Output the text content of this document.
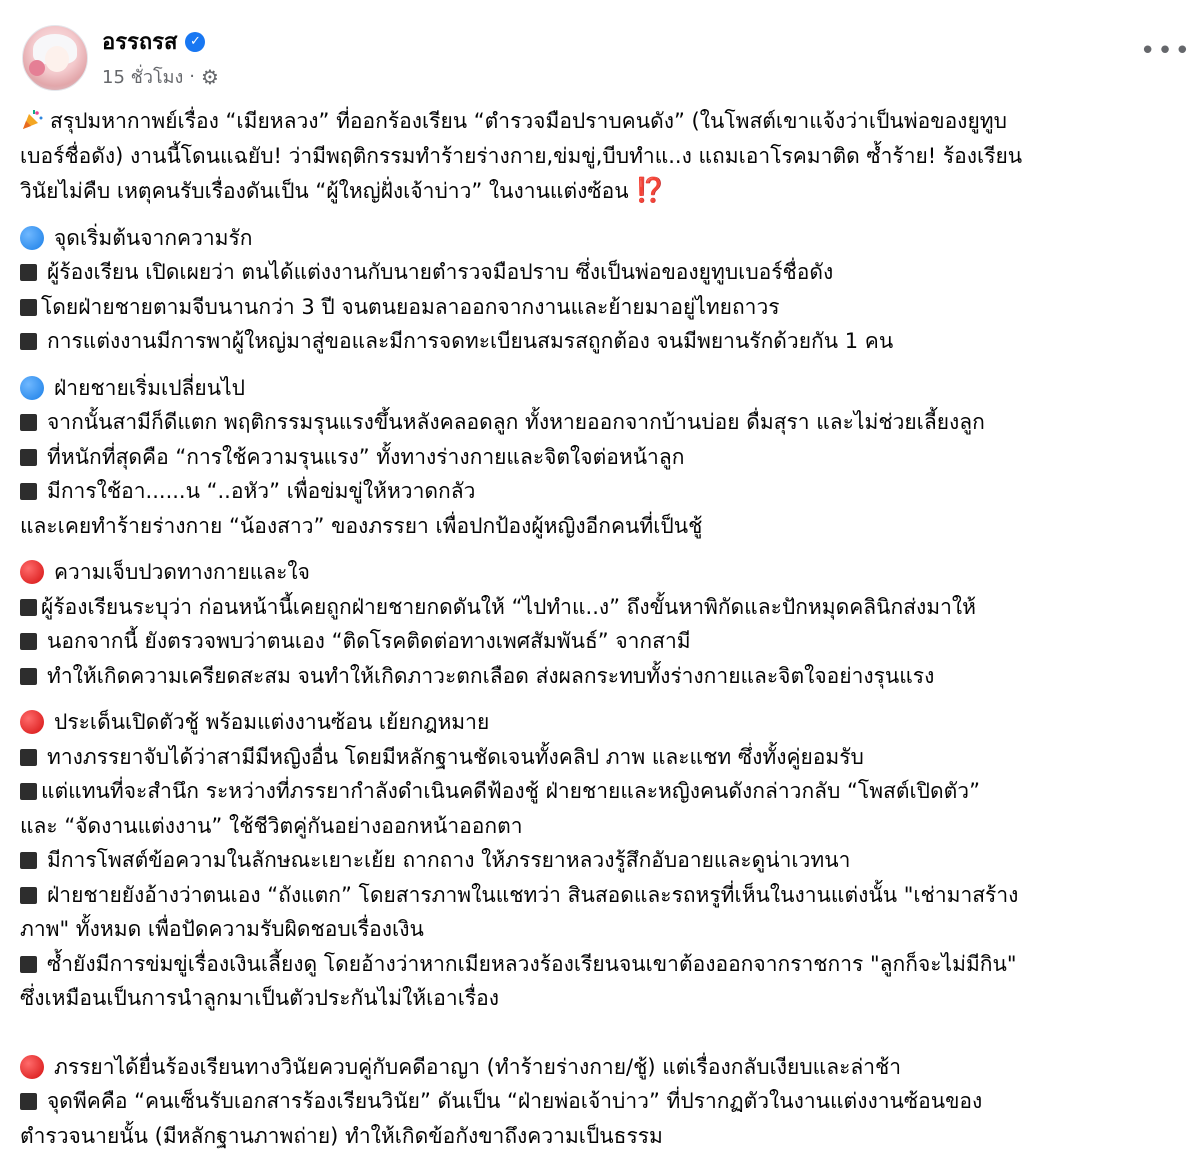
อรรถรส ✓
15 ชั่วโมง · ⚙
•••
สรุปมหากาพย์เรื่อง “เมียหลวง” ที่ออกร้องเรียน “ตำรวจมือปราบคนดัง” (ในโพสต์เขาแจ้งว่าเป็นพ่อของยูทูบ
เบอร์ชื่อดัง) งานนี้โดนแฉยับ! ว่ามีพฤติกรรมทำร้ายร่างกาย,ข่มขู่,บีบทำแ..ง แถมเอาโรคมาติด ซ้ำร้าย! ร้องเรียน
วินัยไม่คืบ เหตุคนรับเรื่องดันเป็น “ผู้ใหญ่ฝั่งเจ้าบ่าว” ในงานแต่งซ้อน ⁉️
จุดเริ่มต้นจากความรัก
ผู้ร้องเรียน เปิดเผยว่า ตนได้แต่งงานกับนายตำรวจมือปราบ ซึ่งเป็นพ่อของยูทูบเบอร์ชื่อดัง
โดยฝ่ายชายตามจีบนานกว่า 3 ปี จนตนยอมลาออกจากงานและย้ายมาอยู่ไทยถาวร
การแต่งงานมีการพาผู้ใหญ่มาสู่ขอและมีการจดทะเบียนสมรสถูกต้อง จนมีพยานรักด้วยกัน 1 คน
ฝ่ายชายเริ่มเปลี่ยนไป
จากนั้นสามีก็ดีแตก พฤติกรรมรุนแรงขึ้นหลังคลอดลูก ทั้งหายออกจากบ้านบ่อย ดื่มสุรา และไม่ช่วยเลี้ยงลูก
ที่หนักที่สุดคือ “การใช้ความรุนแรง” ทั้งทางร่างกายและจิตใจต่อหน้าลูก
มีการใช้อา......น “..อหัว” เพื่อข่มขู่ให้หวาดกลัว
และเคยทำร้ายร่างกาย “น้องสาว” ของภรรยา เพื่อปกป้องผู้หญิงอีกคนที่เป็นชู้
ความเจ็บปวดทางกายและใจ
ผู้ร้องเรียนระบุว่า ก่อนหน้านี้เคยถูกฝ่ายชายกดดันให้ “ไปทำแ..ง” ถึงขั้นหาพิกัดและปักหมุดคลินิกส่งมาให้
นอกจากนี้ ยังตรวจพบว่าตนเอง “ติดโรคติดต่อทางเพศสัมพันธ์” จากสามี
ทำให้เกิดความเครียดสะสม จนทำให้เกิดภาวะตกเลือด ส่งผลกระทบทั้งร่างกายและจิตใจอย่างรุนแรง
ประเด็นเปิดตัวชู้ พร้อมแต่งงานซ้อน เย้ยกฎหมาย
ทางภรรยาจับได้ว่าสามีมีหญิงอื่น โดยมีหลักฐานชัดเจนทั้งคลิป ภาพ และแชท ซึ่งทั้งคู่ยอมรับ
แต่แทนที่จะสำนึก ระหว่างที่ภรรยากำลังดำเนินคดีฟ้องชู้ ฝ่ายชายและหญิงคนดังกล่าวกลับ “โพสต์เปิดตัว”
และ “จัดงานแต่งงาน” ใช้ชีวิตคู่กันอย่างออกหน้าออกตา
มีการโพสต์ข้อความในลักษณะเยาะเย้ย ถากถาง ให้ภรรยาหลวงรู้สึกอับอายและดูน่าเวทนา
ฝ่ายชายยังอ้างว่าตนเอง “ถังแตก” โดยสารภาพในแชทว่า สินสอดและรถหรูที่เห็นในงานแต่งนั้น "เช่ามาสร้าง
ภาพ" ทั้งหมด เพื่อปัดความรับผิดชอบเรื่องเงิน
ซ้ำยังมีการข่มขู่เรื่องเงินเลี้ยงดู โดยอ้างว่าหากเมียหลวงร้องเรียนจนเขาต้องออกจากราชการ "ลูกก็จะไม่มีกิน"
ซึ่งเหมือนเป็นการนำลูกมาเป็นตัวประกันไม่ให้เอาเรื่อง
ภรรยาได้ยื่นร้องเรียนทางวินัยควบคู่กับคดีอาญา (ทำร้ายร่างกาย/ชู้) แต่เรื่องกลับเงียบและล่าช้า
จุดพีคคือ “คนเซ็นรับเอกสารร้องเรียนวินัย” ดันเป็น “ฝ่ายพ่อเจ้าบ่าว” ที่ปรากฏตัวในงานแต่งงานซ้อนของ
ตำรวจนายนั้น (มีหลักฐานภาพถ่าย) ทำให้เกิดข้อกังขาถึงความเป็นธรรม
